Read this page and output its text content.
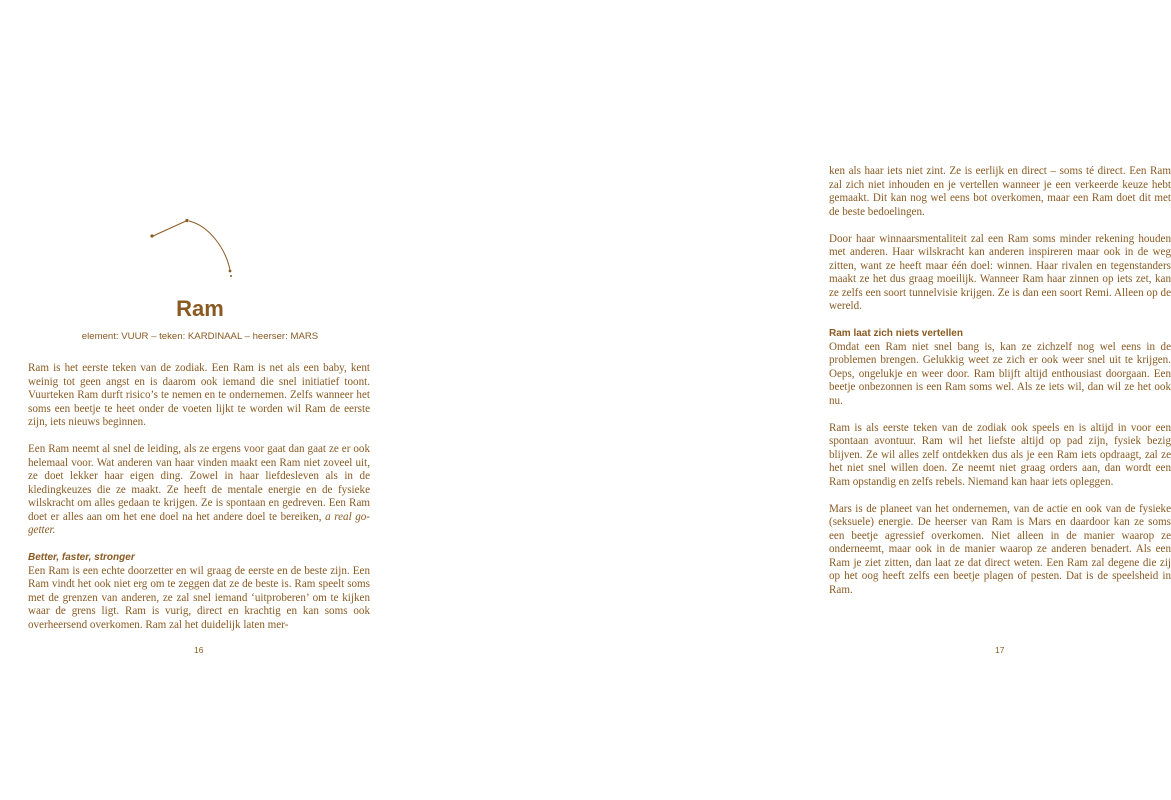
Ram

element: VUUR – teken: KARDINAAL – heerser: MARS

Ram is het eerste teken van de zodiak. Een Ram is net als een baby, kent weinig tot geen angst en is daarom ook iemand die snel initiatief toont. Vuurteken Ram durft risico’s te nemen en te ondernemen. Zelfs wanneer het soms een beetje te heet onder de voeten lijkt te worden wil Ram de eerste zijn, iets nieuws beginnen.

Een Ram neemt al snel de leiding, als ze ergens voor gaat dan gaat ze er ook helemaal voor. Wat anderen van haar vinden maakt een Ram niet zoveel uit, ze doet lekker haar eigen ding. Zowel in haar liefdesleven als in de kledingkeuzes die ze maakt. Ze heeft de mentale energie en de fysieke wilskracht om alles gedaan te krijgen. Ze is spontaan en gedreven. Een Ram doet er alles aan om het ene doel na het andere doel te bereiken, a real go-getter.

Better, faster, stronger

Een Ram is een echte doorzetter en wil graag de eerste en de beste zijn. Een Ram vindt het ook niet erg om te zeggen dat ze de beste is. Ram speelt soms met de grenzen van anderen, ze zal snel iemand ‘uitproberen’ om te kijken waar de grens ligt. Ram is vurig, direct en krachtig en kan soms ook overheersend overkomen. Ram zal het duidelijk laten mer-

16

ken als haar iets niet zint. Ze is eerlijk en direct – soms té direct. Een Ram zal zich niet inhouden en je vertellen wanneer je een verkeerde keuze hebt gemaakt. Dit kan nog wel eens bot overkomen, maar een Ram doet dit met de beste bedoelingen.

Door haar winnaarsmentaliteit zal een Ram soms minder rekening houden met anderen. Haar wilskracht kan anderen inspireren maar ook in de weg zitten, want ze heeft maar één doel: winnen. Haar rivalen en tegenstanders maakt ze het dus graag moeilijk. Wanneer Ram haar zinnen op iets zet, kan ze zelfs een soort tunnelvisie krijgen. Ze is dan een soort Remi. Alleen op de wereld.

Ram laat zich niets vertellen

Omdat een Ram niet snel bang is, kan ze zichzelf nog wel eens in de problemen brengen. Gelukkig weet ze zich er ook weer snel uit te krijgen. Oeps, ongelukje en weer door. Ram blijft altijd enthousiast doorgaan. Een beetje onbezonnen is een Ram soms wel. Als ze iets wil, dan wil ze het ook nu.

Ram is als eerste teken van de zodiak ook speels en is altijd in voor een spontaan avontuur. Ram wil het liefste altijd op pad zijn, fysiek bezig blijven. Ze wil alles zelf ontdekken dus als je een Ram iets opdraagt, zal ze het niet snel willen doen. Ze neemt niet graag orders aan, dan wordt een Ram opstandig en zelfs rebels. Niemand kan haar iets opleggen.

Mars is de planeet van het ondernemen, van de actie en ook van de fysieke (seksuele) energie. De heerser van Ram is Mars en daardoor kan ze soms een beetje agressief overkomen. Niet alleen in de manier waarop ze onderneemt, maar ook in de manier waarop ze anderen benadert. Als een Ram je ziet zitten, dan laat ze dat direct weten. Een Ram zal degene die zij op het oog heeft zelfs een beetje plagen of pesten. Dat is de speelsheid in Ram.

17
